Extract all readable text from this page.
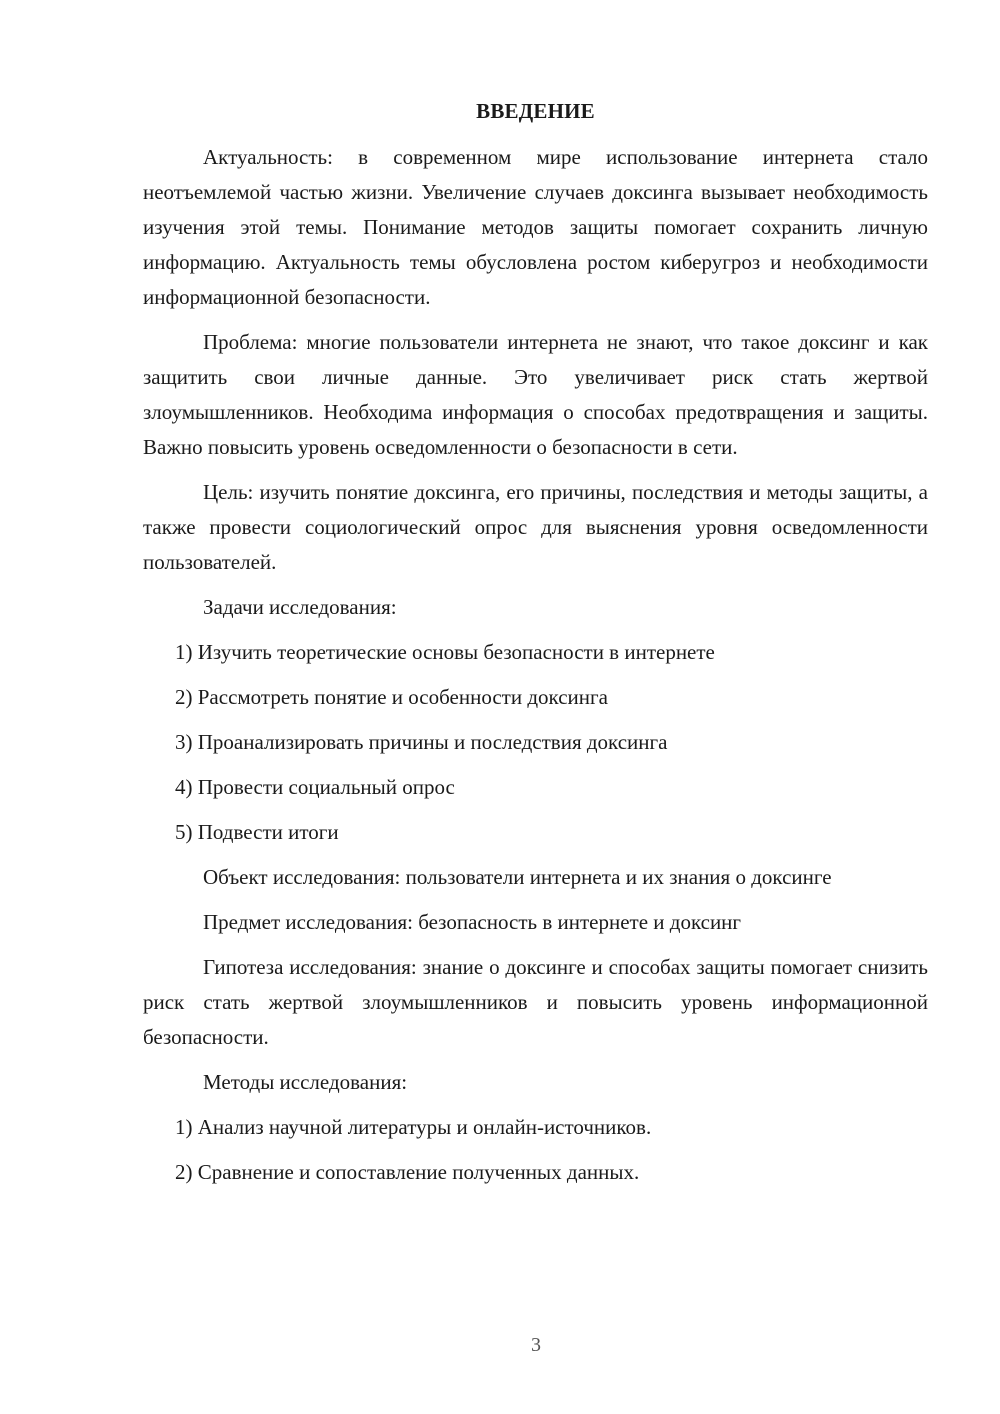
ВВЕДЕНИЕ

Актуальность: в современном мире использование интернета стало неотъемлемой частью жизни. Увеличение случаев доксинга вызывает необходимость изучения этой темы. Понимание методов защиты помогает сохранить личную информацию. Актуальность темы обусловлена ростом киберугроз и необходимости информационной безопасности.

Проблема: многие пользователи интернета не знают, что такое доксинг и как защитить свои личные данные. Это увеличивает риск стать жертвой злоумышленников. Необходима информация о способах предотвращения и защиты. Важно повысить уровень осведомленности о безопасности в сети.

Цель: изучить понятие доксинга, его причины, последствия и методы защиты, а также провести социологический опрос для выяснения уровня осведомленности пользователей.

Задачи исследования:

1) Изучить теоретические основы безопасности в интернете
2) Рассмотреть понятие и особенности доксинга
3) Проанализировать причины и последствия доксинга
4) Провести социальный опрос
5) Подвести итоги

Объект исследования: пользователи интернета и их знания о доксинге

Предмет исследования: безопасность в интернете и доксинг

Гипотеза исследования: знание о доксинге и способах защиты помогает снизить риск стать жертвой злоумышленников и повысить уровень информационной безопасности.

Методы исследования:

1) Анализ научной литературы и онлайн-источников.
2) Сравнение и сопоставление полученных данных.
3
